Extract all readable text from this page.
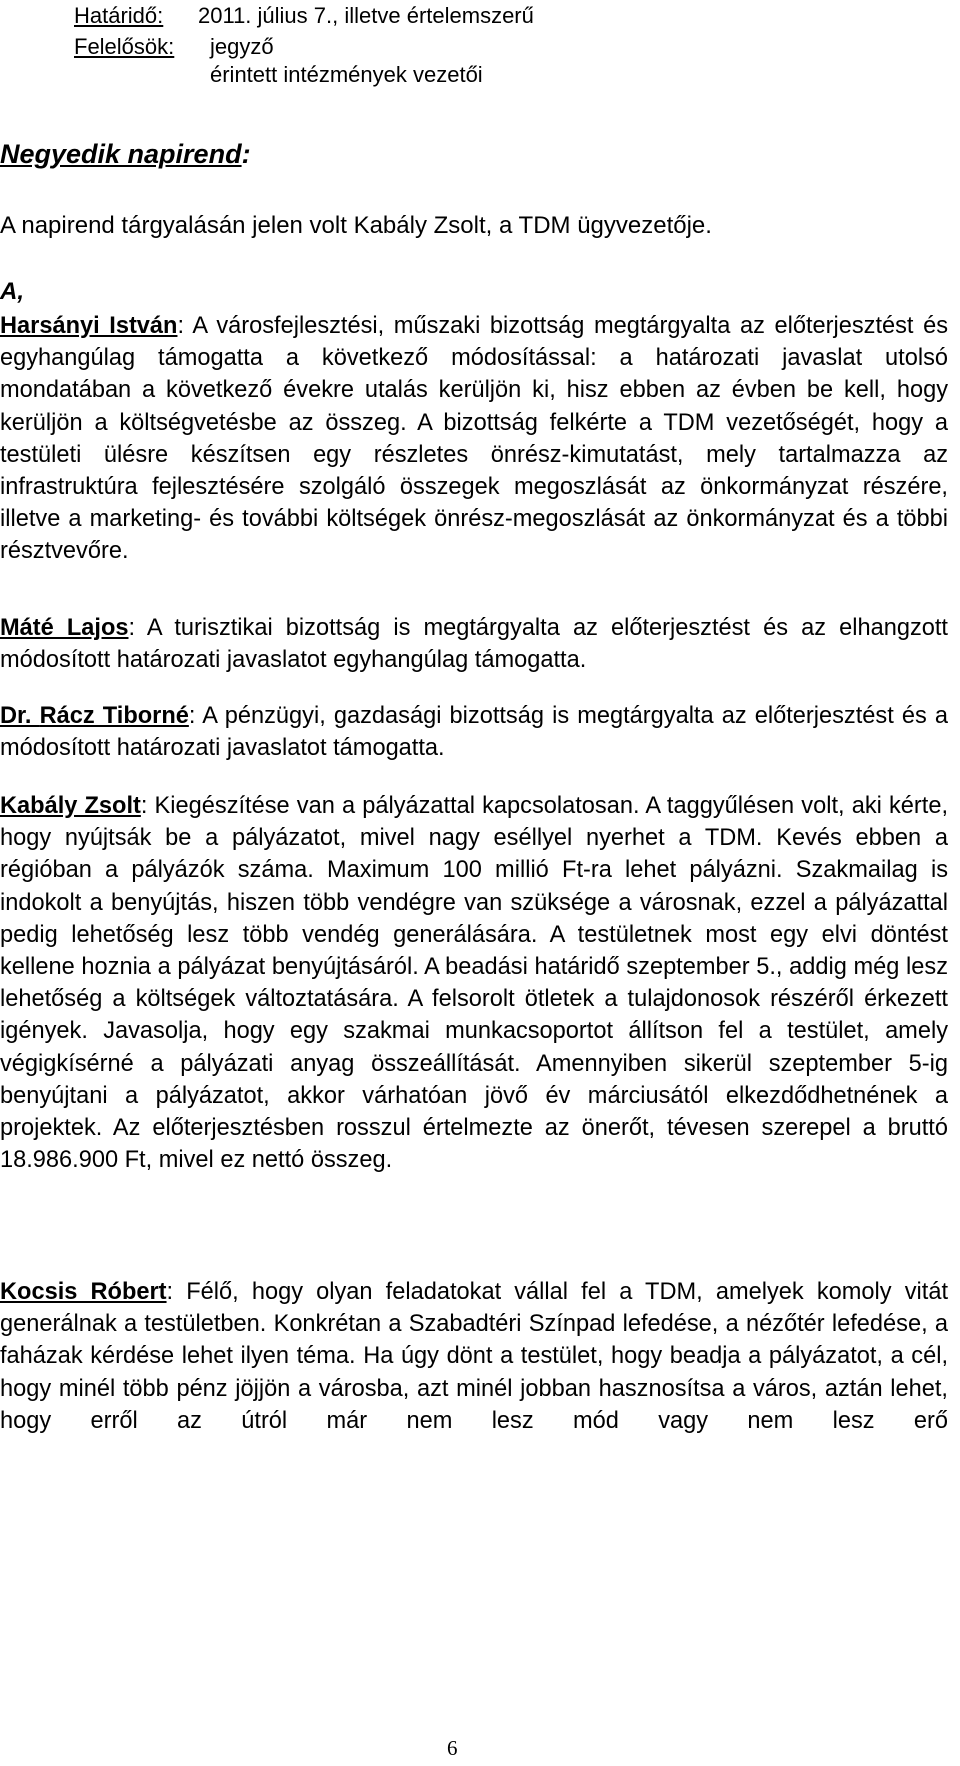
Határidő: 2011. július 7., illetve értelemszerű
Felelősök: jegyző
érintett intézmények vezetői
Negyedik napirend:
A napirend tárgyalásán jelen volt Kabály Zsolt, a TDM ügyvezetője.
A,
Harsányi István: A városfejlesztési, műszaki bizottság megtárgyalta az előterjesztést és egyhangúlag támogatta a következő módosítással: a határozati javaslat utolsó mondatában a következő évekre utalás kerüljön ki, hisz ebben az évben be kell, hogy kerüljön a költségvetésbe az összeg. A bizottság felkérte a TDM vezetőségét, hogy a testületi ülésre készítsen egy részletes önrész-kimutatást, mely tartalmazza az infrastruktúra fejlesztésére szolgáló összegek megoszlását az önkormányzat részére, illetve a marketing- és további költségek önrész-megoszlását az önkormányzat és a többi résztvevőre.
Máté Lajos: A turisztikai bizottság is megtárgyalta az előterjesztést és az elhangzott módosított határozati javaslatot egyhangúlag támogatta.
Dr. Rácz Tiborné: A pénzügyi, gazdasági bizottság is megtárgyalta az előterjesztést és a módosított határozati javaslatot támogatta.
Kabály Zsolt: Kiegészítése van a pályázattal kapcsolatosan. A taggyűlésen volt, aki kérte, hogy nyújtsák be a pályázatot, mivel nagy eséllyel nyerhet a TDM. Kevés ebben a régióban a pályázók száma. Maximum 100 millió Ft-ra lehet pályázni. Szakmailag is indokolt a benyújtás, hiszen több vendégre van szüksége a városnak, ezzel a pályázattal pedig lehetőség lesz több vendég generálására. A testületnek most egy elvi döntést kellene hoznia a pályázat benyújtásáról. A beadási határidő szeptember 5., addig még lesz lehetőség a költségek változtatására. A felsorolt ötletek a tulajdonosok részéről érkezett igények. Javasolja, hogy egy szakmai munkacsoportot állítson fel a testület, amely végigkísérné a pályázati anyag összeállítását. Amennyiben sikerül szeptember 5-ig benyújtani a pályázatot, akkor várhatóan jövő év márciusától elkezdődhetnének a projektek. Az előterjesztésben rosszul értelmezte az önerőt, tévesen szerepel a bruttó 18.986.900 Ft, mivel ez nettó összeg.
Kocsis Róbert: Félő, hogy olyan feladatokat vállal fel a TDM, amelyek komoly vitát generálnak a testületben. Konkrétan a Szabadtéri Színpad lefedése, a nézőtér lefedése, a faházak kérdése lehet ilyen téma. Ha úgy dönt a testület, hogy beadja a pályázatot, a cél, hogy minél több pénz jöjjön a városba, azt minél jobban hasznosítsa a város, aztán lehet, hogy erről az útról már nem lesz mód vagy nem lesz erő
6
